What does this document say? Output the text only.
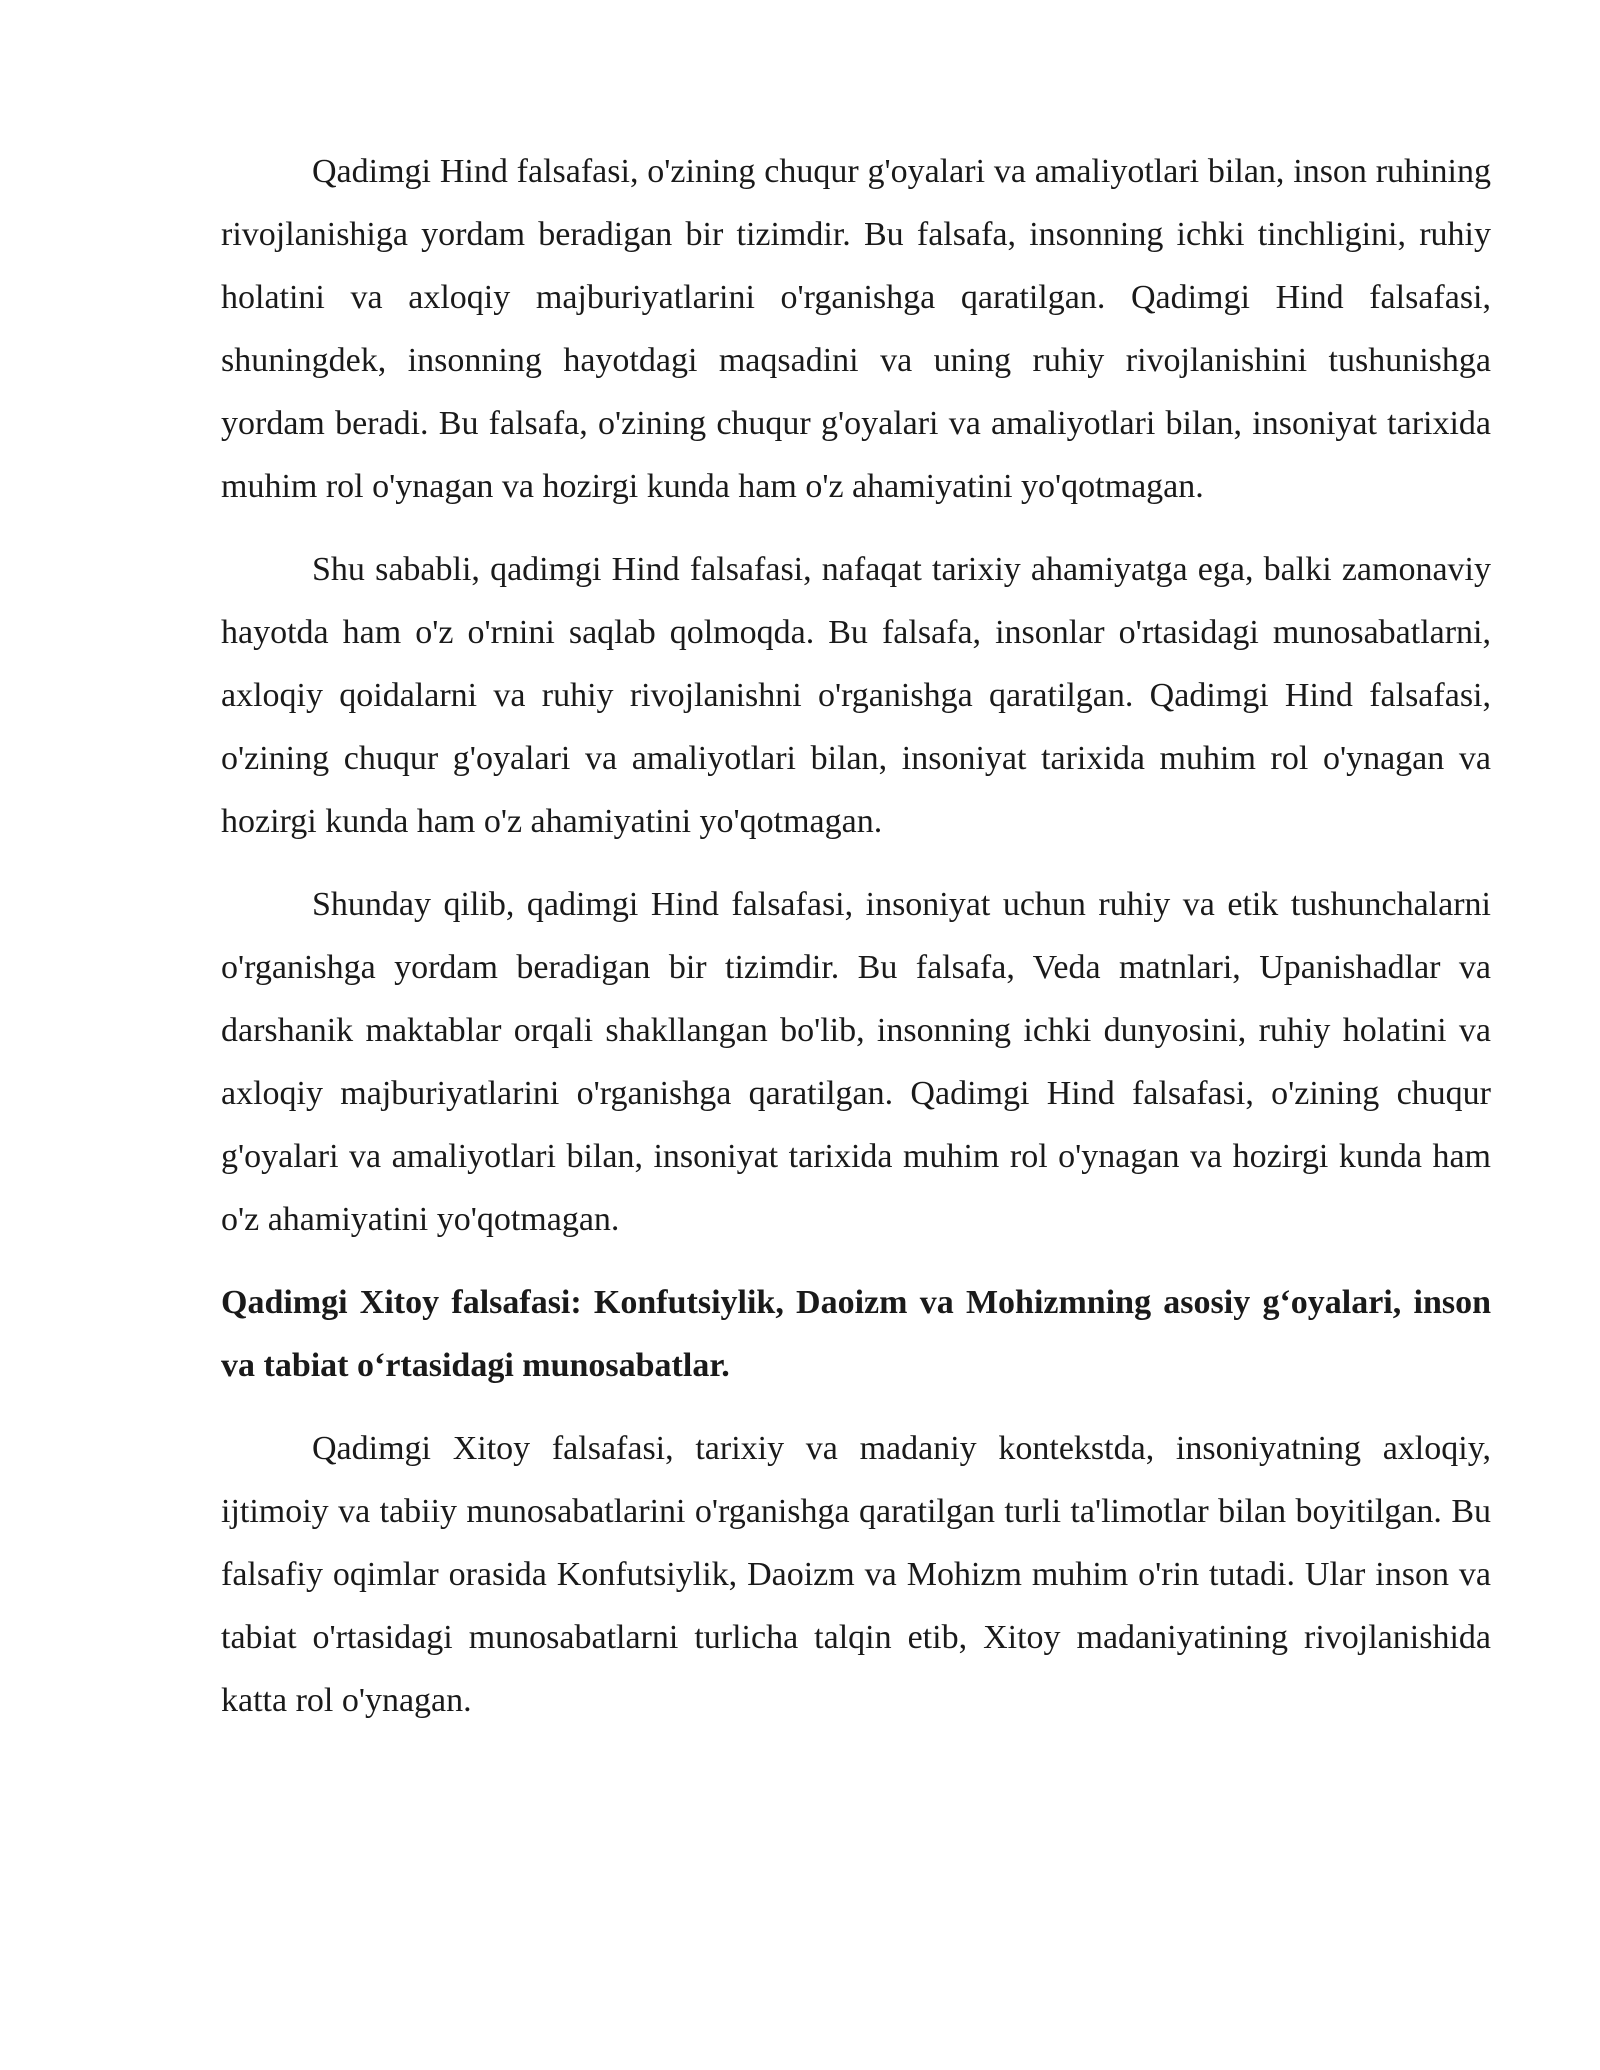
Qadimgi Hind falsafasi, o'zining chuqur g'oyalari va amaliyotlari bilan, inson ruhining rivojlanishiga yordam beradigan bir tizimdir. Bu falsafa, insonning ichki tinchligini, ruhiy holatini va axloqiy majburiyatlarini o'rganishga qaratilgan. Qadimgi Hind falsafasi, shuningdek, insonning hayotdagi maqsadini va uning ruhiy rivojlanishini tushunishga yordam beradi. Bu falsafa, o'zining chuqur g'oyalari va amaliyotlari bilan, insoniyat tarixida muhim rol o'ynagan va hozirgi kunda ham o'z ahamiyatini yo'qotmagan.

Shu sababli, qadimgi Hind falsafasi, nafaqat tarixiy ahamiyatga ega, balki zamonaviy hayotda ham o'z o'rnini saqlab qolmoqda. Bu falsafa, insonlar o'rtasidagi munosabatlarni, axloqiy qoidalarni va ruhiy rivojlanishni o'rganishga qaratilgan. Qadimgi Hind falsafasi, o'zining chuqur g'oyalari va amaliyotlari bilan, insoniyat tarixida muhim rol o'ynagan va hozirgi kunda ham o'z ahamiyatini yo'qotmagan.

Shunday qilib, qadimgi Hind falsafasi, insoniyat uchun ruhiy va etik tushunchalarni o'rganishga yordam beradigan bir tizimdir. Bu falsafa, Veda matnlari, Upanishadlar va darshanik maktablar orqali shakllangan bo'lib, insonning ichki dunyosini, ruhiy holatini va axloqiy majburiyatlarini o'rganishga qaratilgan. Qadimgi Hind falsafasi, o'zining chuqur g'oyalari va amaliyotlari bilan, insoniyat tarixida muhim rol o'ynagan va hozirgi kunda ham o'z ahamiyatini yo'qotmagan.

Qadimgi Xitoy falsafasi: Konfutsiylik, Daoizm va Mohizmning asosiy g‘oyalari, inson va tabiat o‘rtasidagi munosabatlar.

Qadimgi Xitoy falsafasi, tarixiy va madaniy kontekstda, insoniyatning axloqiy, ijtimoiy va tabiiy munosabatlarini o'rganishga qaratilgan turli ta'limotlar bilan boyitilgan. Bu falsafiy oqimlar orasida Konfutsiylik, Daoizm va Mohizm muhim o'rin tutadi. Ular inson va tabiat o'rtasidagi munosabatlarni turlicha talqin etib, Xitoy madaniyatining rivojlanishida katta rol o'ynagan.
